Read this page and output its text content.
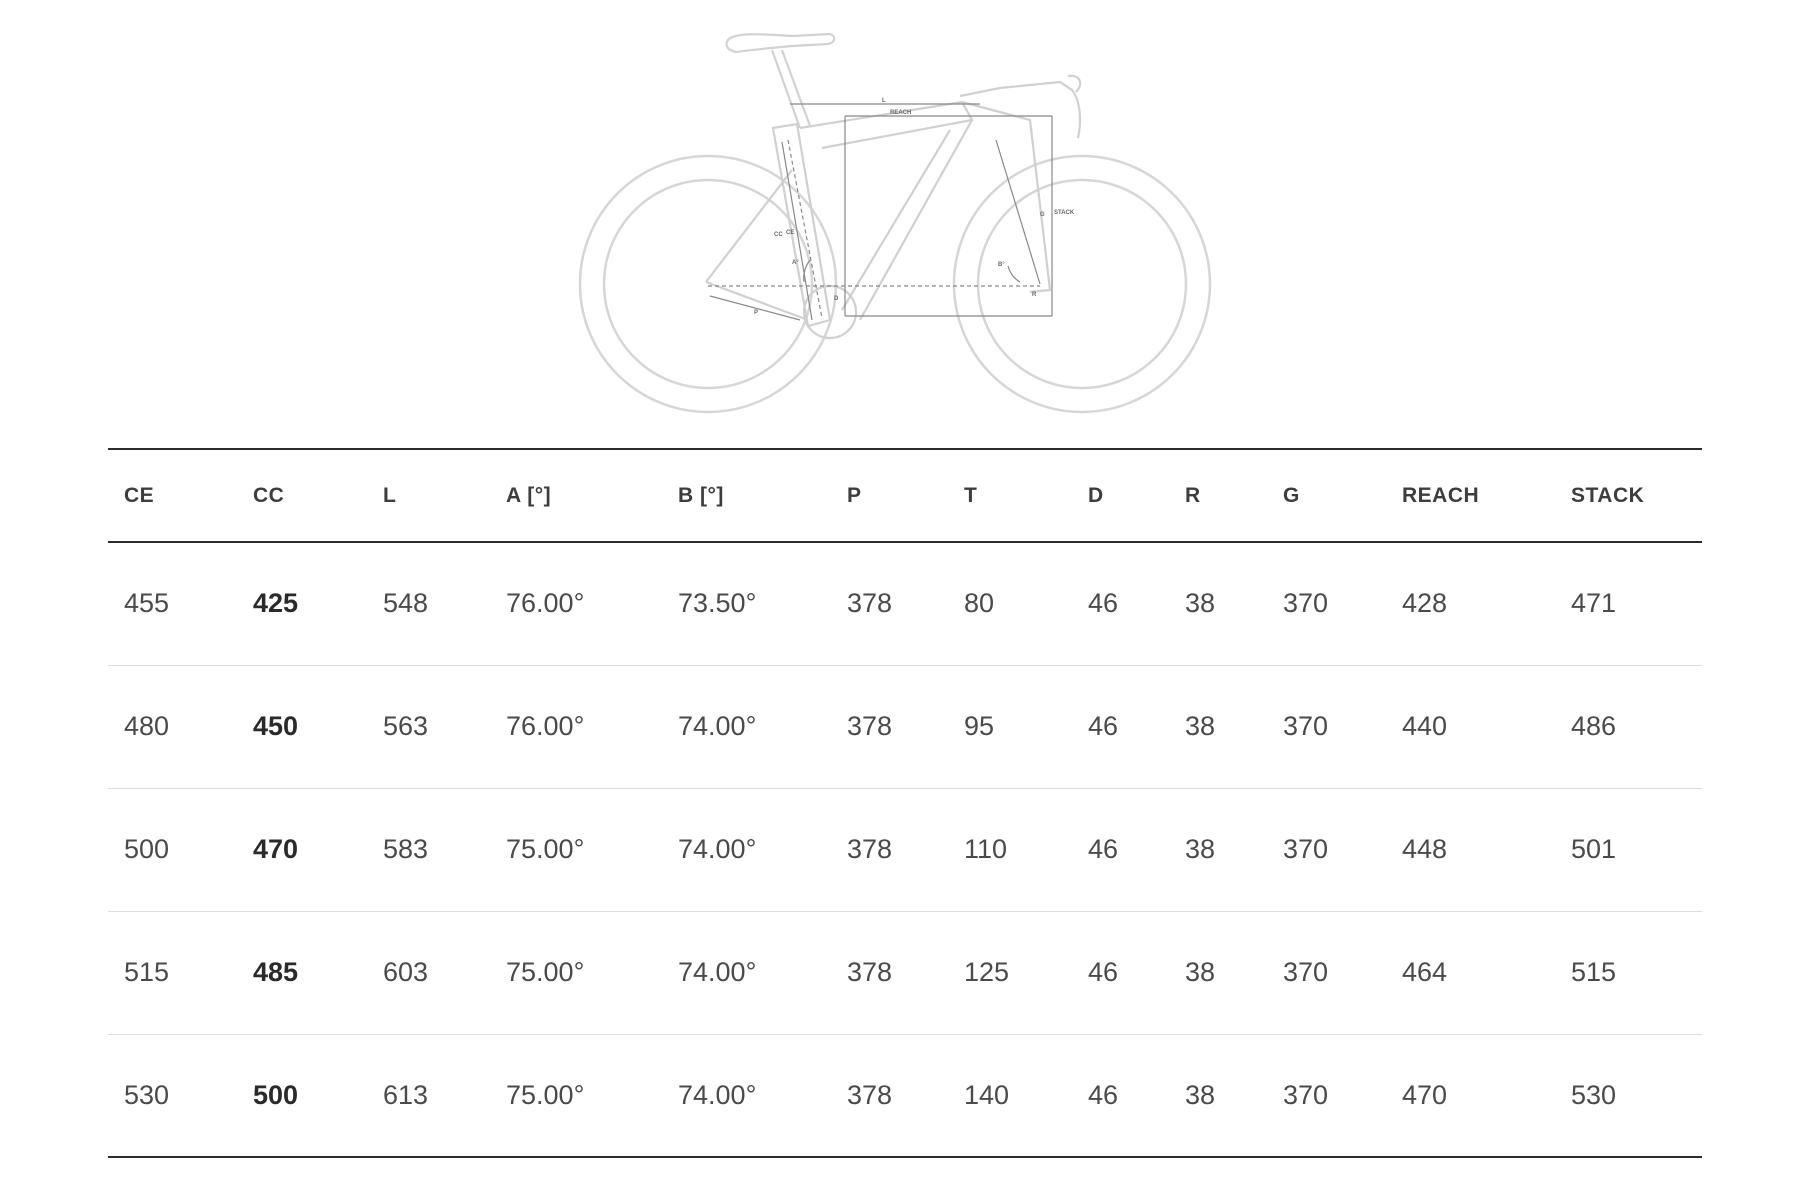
L
REACH
STACK
CC CE
A°	B°
D
P
R
G
CE	CC	L	A [°]	B [°]	P	T	D	R	G	REACH	STACK
455	425	548	76.00°	73.50°	378	80	46	38	370	428	471
480	450	563	76.00°	74.00°	378	95	46	38	370	440	486
500	470	583	75.00°	74.00°	378	110	46	38	370	448	501
515	485	603	75.00°	74.00°	378	125	46	38	370	464	515
530	500	613	75.00°	74.00°	378	140	46	38	370	470	530
